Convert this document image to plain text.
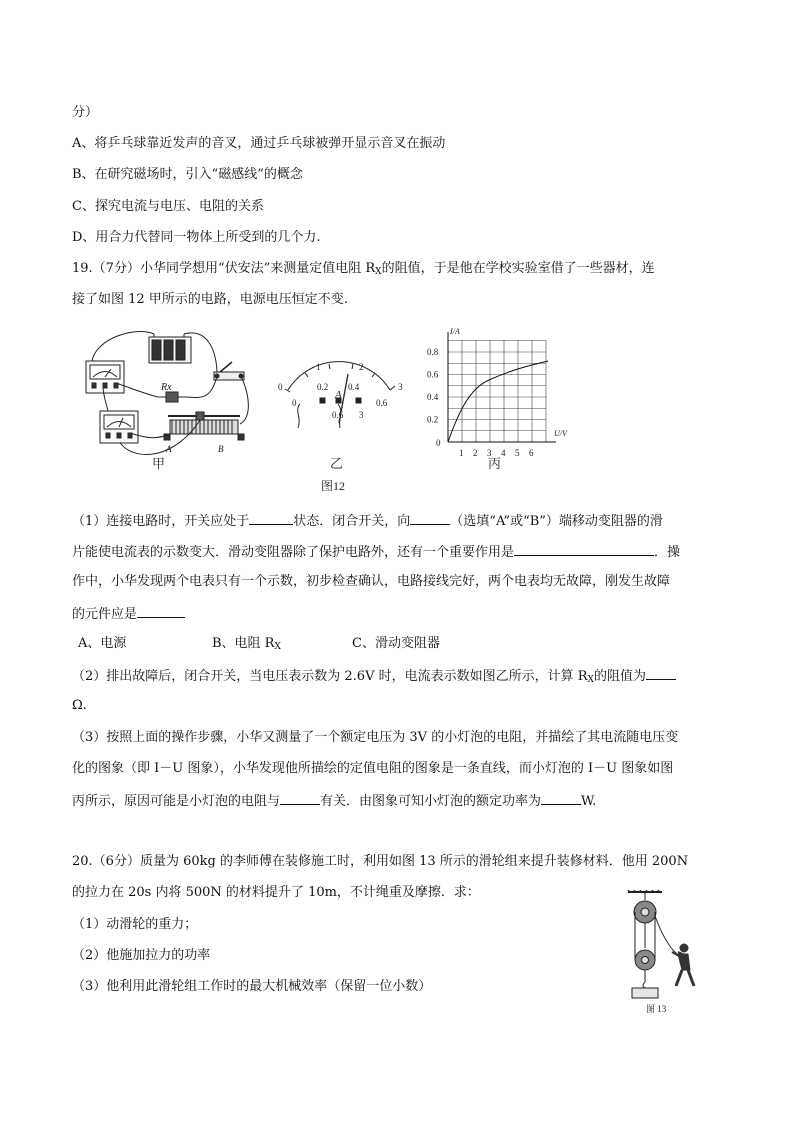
分）
A、将乒乓球靠近发声的音叉，通过乒乓球被弹开显示音叉在振动
B、在研究磁场时，引入“磁感线”的概念
C、探究电流与电压、电阻的关系
D、用合力代替同一物体上所受到的几个力.
19.（7分）小华同学想用“伏安法”来测量定值电阻 $R_X$的阻值，于是他在学校实验室借了一些器材，连
接了如图 12 甲所示的电路，电源电压恒定不变.
Rx
A	B
甲
0
1	2
3
0
0.2 0.4
0.6
A
0.6 3
乙
图12
I/A
U/V
0
0.2
0.4
0.6
0.8
1 2 3 4 5 6
丙
（1）连接电路时，开关应处于	状态．闭合开关，向	（选填“A”或“B”）端移动变阻器的滑
片能使电流表的示数变大．滑动变阻器除了保护电路外，还有一个重要作用是	．操
作中，小华发现两个电表只有一个示数，初步检查确认，电路接线完好，两个电表均无故障，刚发生故障
的元件应是
A、电源	B、电阻 $R_X$	C、滑动变阻器
（2）排出故障后，闭合开关，当电压表示数为 2.6V 时，电流表示数如图乙所示，计算 $R_X$的阻值为
Ω.
（3）按照上面的操作步骤，小华又测量了一个额定电压为 3V 的小灯泡的电阻，并描绘了其电流随电压变
化的图象（即 I－U 图象），小华发现他所描绘的定值电阻的图象是一条直线，而小灯泡的 I－U 图象如图
丙所示，原因可能是小灯泡的电阻与	有关．由图象可知小灯泡的额定功率为	W.
20.（6分）质量为 60kg 的李师傅在装修施工时，利用如图 13 所示的滑轮组来提升装修材料．他用 200N
的拉力在 20s 内将 500N 的材料提升了 10m，不计绳重及摩擦．求：
（1）动滑轮的重力；
（2）他施加拉力的功率
（3）他利用此滑轮组工作时的最大机械效率（保留一位小数）
图 13
